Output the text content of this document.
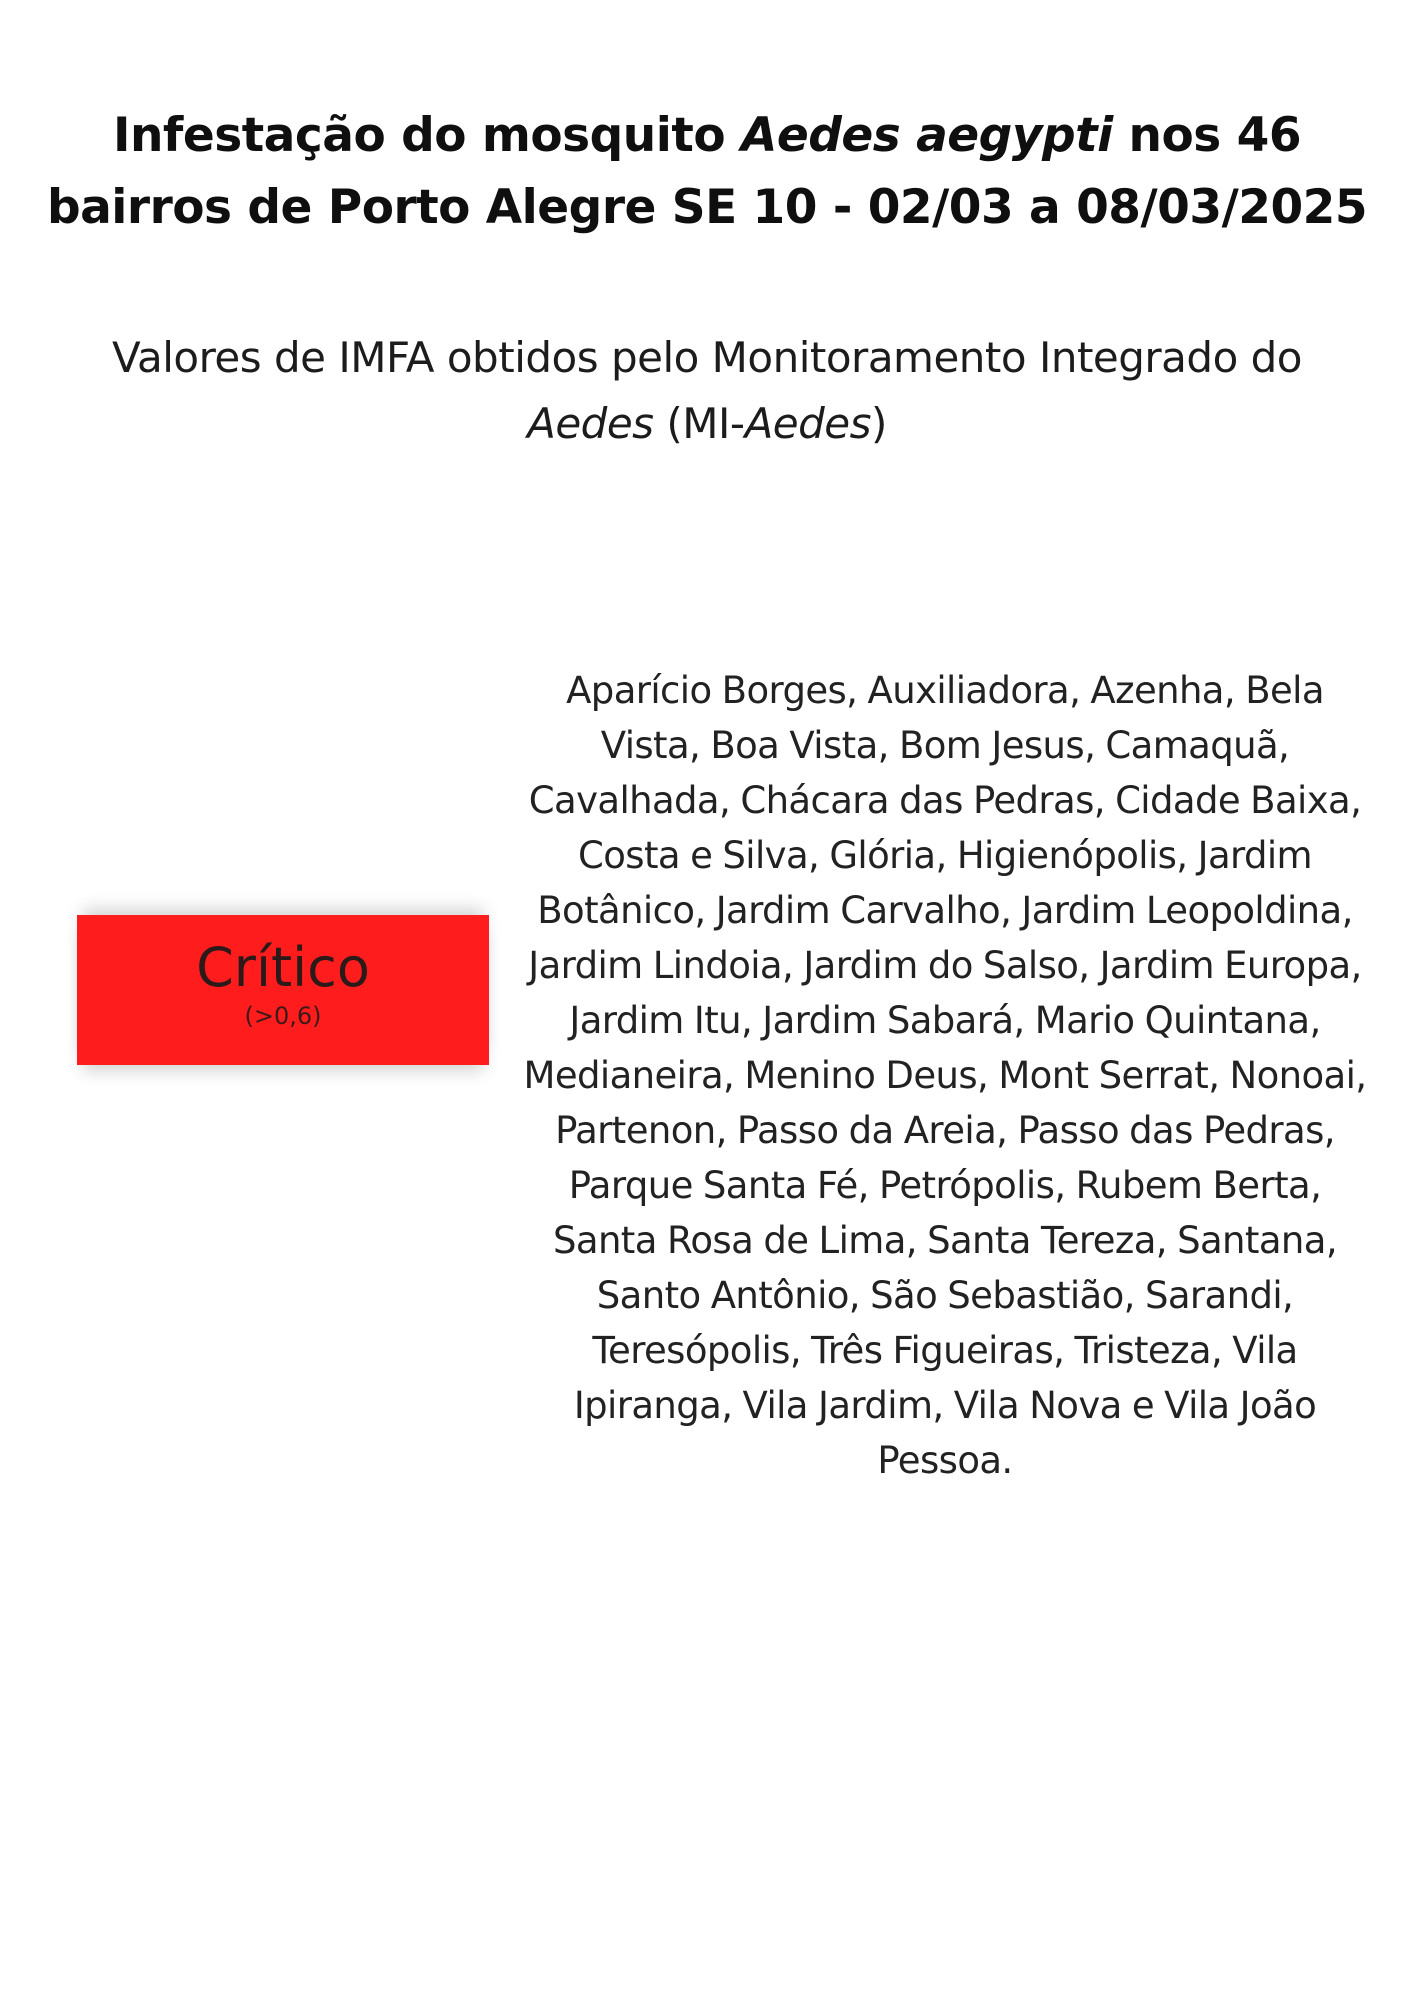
Infestação do mosquito Aedes aegypti nos 46 bairros de Porto Alegre SE 10 - 02/03 a 08/03/2025
Valores de IMFA obtidos pelo Monitoramento Integrado do Aedes (MI-Aedes)
Crítico
(>0,6)
Aparício Borges, Auxiliadora, Azenha, Bela Vista, Boa Vista, Bom Jesus, Camaquã, Cavalhada, Chácara das Pedras, Cidade Baixa, Costa e Silva, Glória, Higienópolis, Jardim Botânico, Jardim Carvalho, Jardim Leopoldina, Jardim Lindoia, Jardim do Salso, Jardim Europa, Jardim Itu, Jardim Sabará, Mario Quintana, Medianeira, Menino Deus, Mont Serrat, Nonoai, Partenon, Passo da Areia, Passo das Pedras, Parque Santa Fé, Petrópolis, Rubem Berta, Santa Rosa de Lima, Santa Tereza, Santana, Santo Antônio, São Sebastião, Sarandi, Teresópolis, Três Figueiras, Tristeza, Vila Ipiranga, Vila Jardim, Vila Nova e Vila João Pessoa.
